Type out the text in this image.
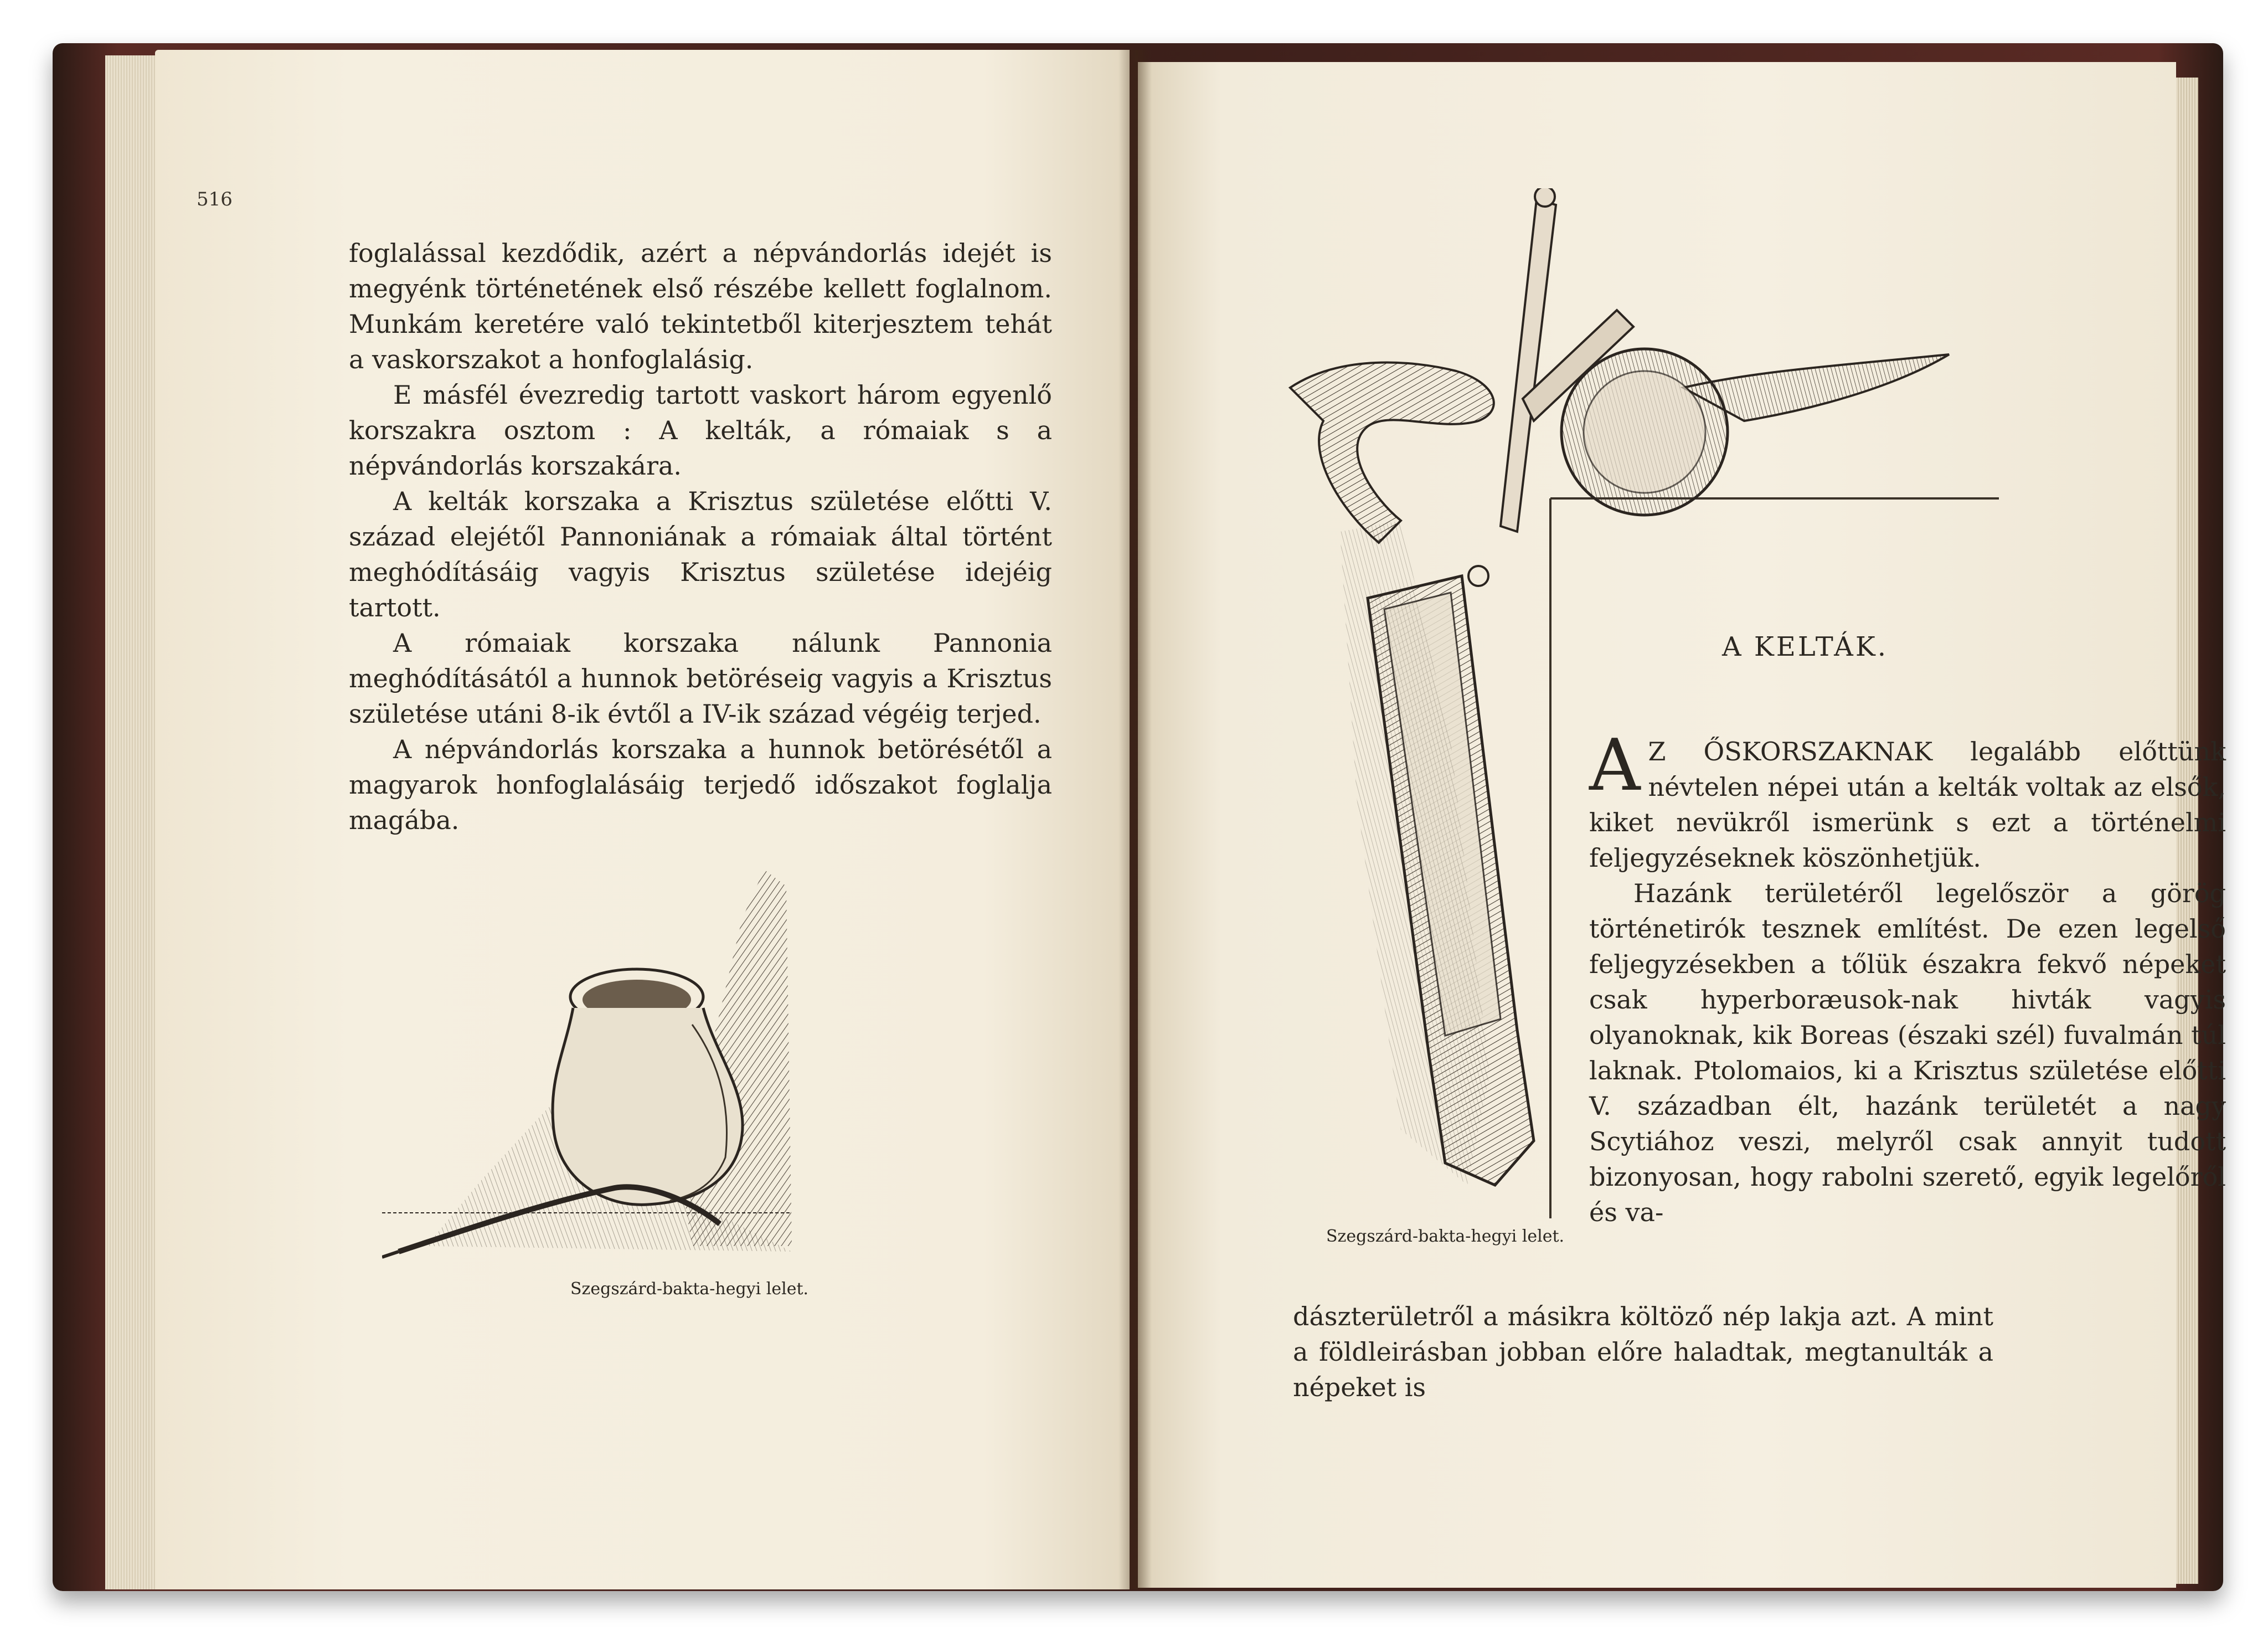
516

foglalással kezdődik, azért a népvándorlás idejét is megyénk történetének első részébe kellett foglalnom. Munkám keretére való tekintetből kiterjesztem tehát a vaskorszakot a honfoglalásig.

E másfél évezredig tartott vaskort három egyenlő korszakra osztom : A kelták, a rómaiak s a népvándorlás korszakára.

A kelták korszaka a Krisztus születése előtti V. század elejétől Pannoniának a rómaiak által történt meghódításáig vagyis Krisztus születése idejéig tartott.

A rómaiak korszaka nálunk Pannonia meghódításától a hunnok betöréseig vagyis a Krisztus születése utáni 8-ik évtől a IV-ik század végéig terjed.

A népvándorlás korszaka a hunnok betörésétől a magyarok honfoglalásáig terjedő időszakot foglalja magába.

Szegszárd-bakta-hegyi lelet.
Szegszárd-bakta-hegyi lelet.
A KELTÁK.

A Z ŐSKORSZAKNAK legalább előttünk névtelen népei után a kelták voltak az elsők, kiket nevükről ismerünk s ezt a történelmi feljegyzéseknek köszönhetjük.

Hazánk területéről legelőször a görög történetirók tesznek említést. De ezen legelső feljegyzésekben a tőlük északra fekvő népeket csak hyperboræusok-nak hivták vagyis olyanoknak, kik Boreas (északi szél) fuvalmán túl laknak. Ptolomaios, ki a Krisztus születése előtti V. században élt, hazánk területét a nagy Scytiához veszi, melyről csak annyit tudott bizonyosan, hogy rabolni szerető, egyik legelőről és va-

dászterületről a másikra költöző nép lakja azt. A mint a földleirásban jobban előre haladtak, megtanulták a népeket is
